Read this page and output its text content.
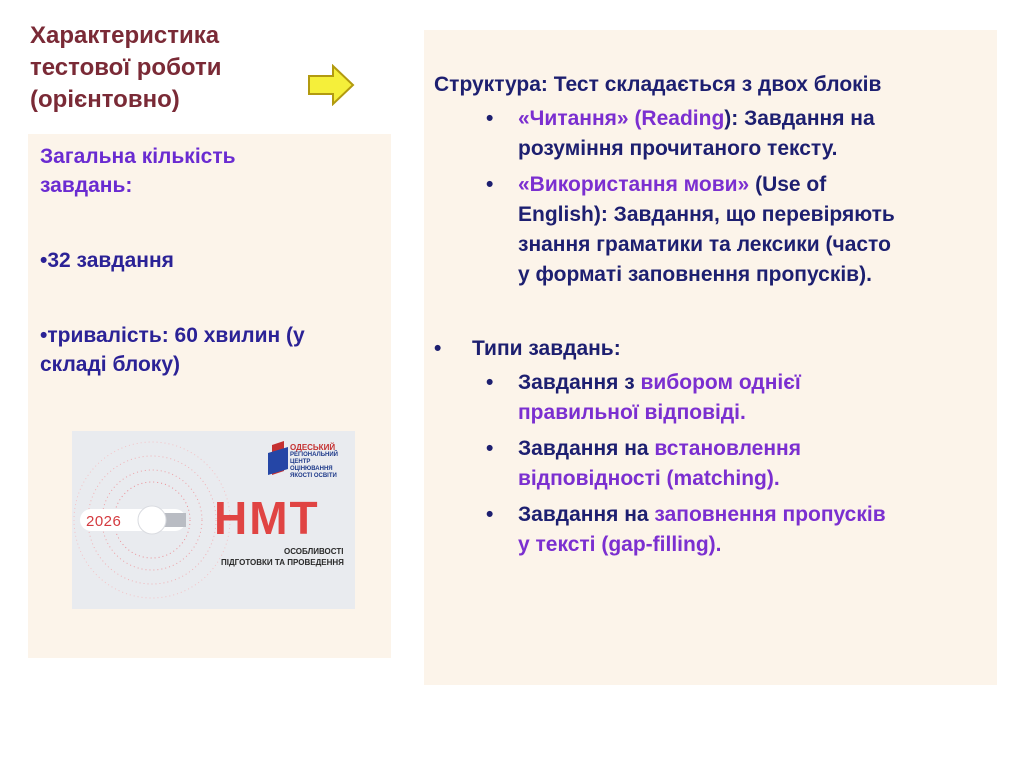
Характеристика
тестової роботи
(орієнтовно)

Загальна кількість
завдань:

•32 завдання

•тривалість: 60 хвилин (у
складі блоку)

2026 НМТ
ОСОБЛИВОСТІ
ПІДГОТОВКИ ТА ПРОВЕДЕННЯ
ОДЕСЬКИЙ
РЕГІОНАЛЬНИЙ
ЦЕНТР ОЦІНЮВАННЯ
ЯКОСТІ ОСВІТИ

Структура: Тест складається з двох блоків

• «Читання» (Reading): Завдання на
розуміння прочитаного тексту.

• «Використання мови» (Use of
English): Завдання, що перевіряють
знання граматики та лексики (часто
у форматі заповнення пропусків).

• Типи завдань:

• Завдання з вибором однієї
правильної відповіді.

• Завдання на встановлення
відповідності (matching).

• Завдання на заповнення пропусків
у тексті (gap-filling).
